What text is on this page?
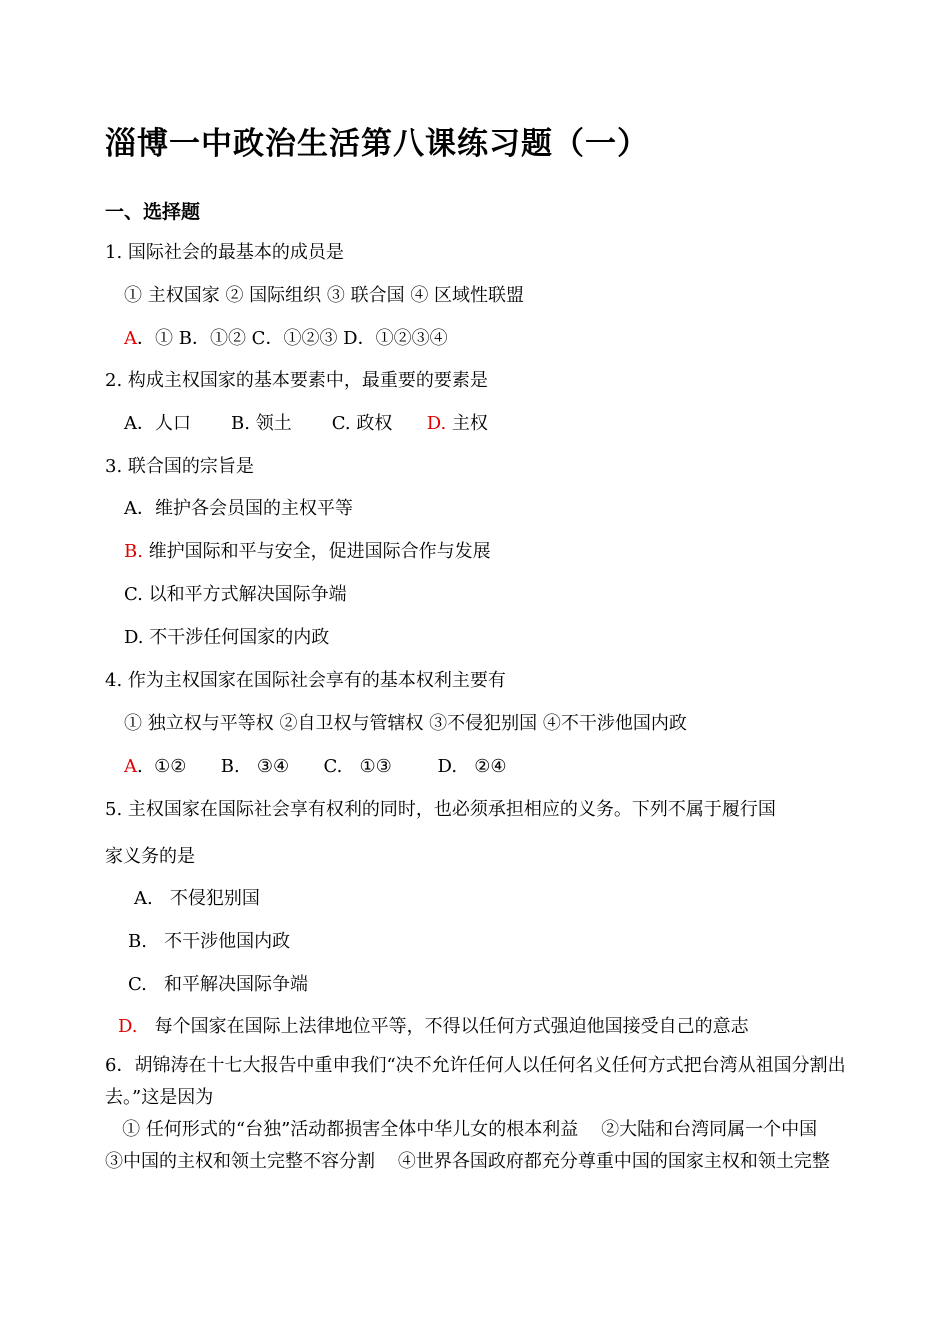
淄博一中政治生活第八课练习题（一）
一、选择题
1. 国际社会的最基本的成员是
① 主权国家 ② 国际组织 ③ 联合国 ④ 区域性联盟
A．① B．①② C．①②③ D．①②③④
2. 构成主权国家的基本要素中，最重要的要素是
A．人口       B. 领土       C. 政权      D. 主权
3. 联合国的宗旨是
A．维护各会员国的主权平等
B. 维护国际和平与安全，促进国际合作与发展
C. 以和平方式解决国际争端
D. 不干涉任何国家的内政
4. 作为主权国家在国际社会享有的基本权利主要有
① 独立权与平等权 ②自卫权与管辖权 ③不侵犯别国 ④不干涉他国内政
A.  ①②      B.   ③④      C.   ①③        D.   ②④
5. 主权国家在国际社会享有权利的同时，也必须承担相应的义务。下列不属于履行国
家义务的是
A.   不侵犯别国
B.   不干涉他国内政
C.   和平解决国际争端
D.   每个国家在国际上法律地位平等，不得以任何方式强迫他国接受自己的意志
6．胡锦涛在十七大报告中重申我们“决不允许任何人以任何名义任何方式把台湾从祖国分割出去。”这是因为
① 任何形式的“台独”活动都损害全体中华儿女的根本利益    ②大陆和台湾同属一个中国    ③中国的主权和领土完整不容分割    ④世界各国政府都充分尊重中国的国家主权和领土完整
